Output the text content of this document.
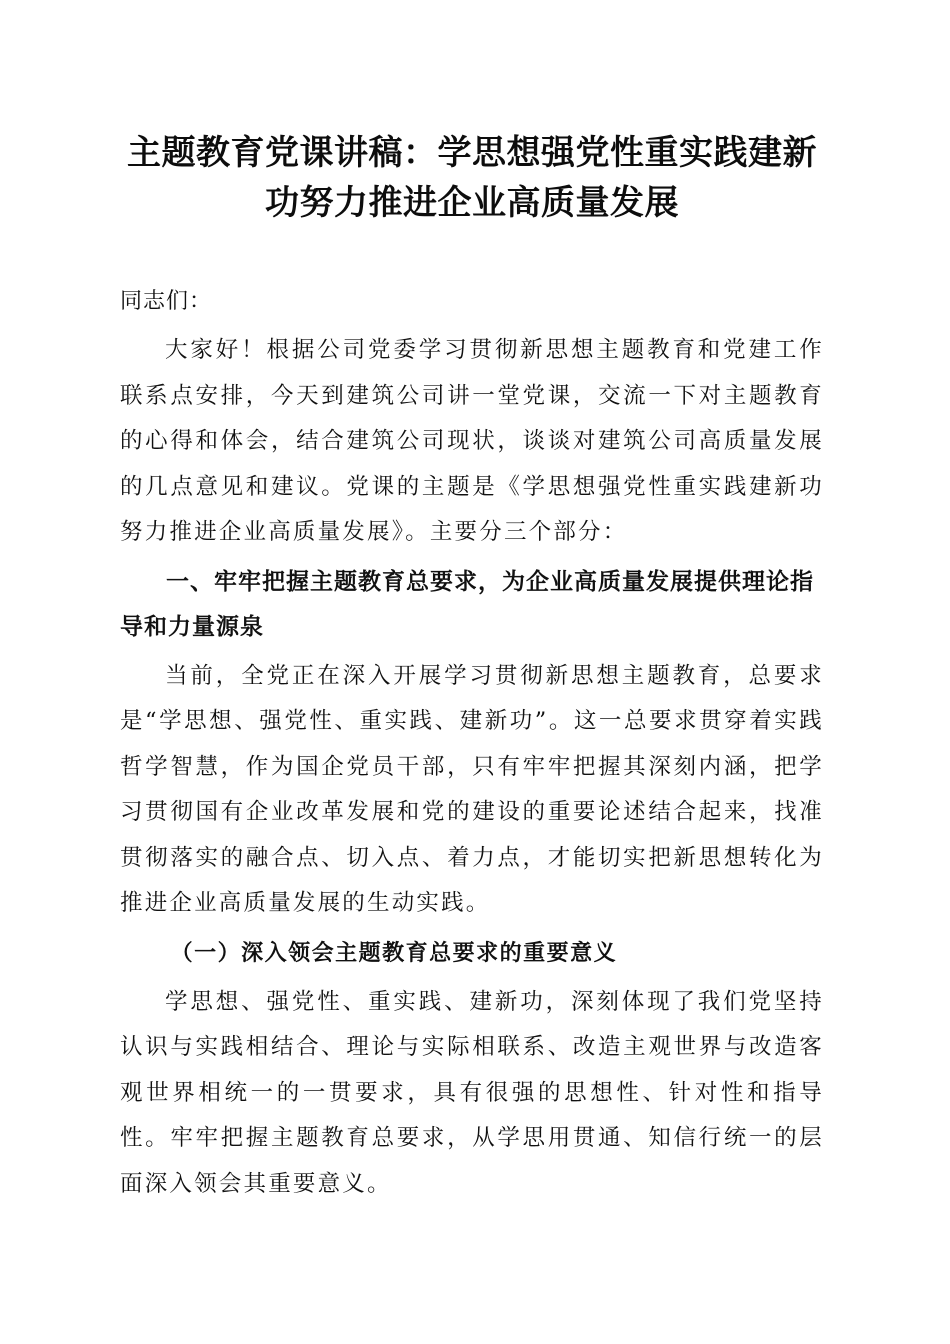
主题教育党课讲稿：学思想强党性重实践建新功努力推进企业高质量发展

同志们：

大家好！根据公司党委学习贯彻新思想主题教育和党建工作联系点安排，今天到建筑公司讲一堂党课，交流一下对主题教育的心得和体会，结合建筑公司现状，谈谈对建筑公司高质量发展的几点意见和建议。党课的主题是《学思想强党性重实践建新功努力推进企业高质量发展》。主要分三个部分：

一、牢牢把握主题教育总要求，为企业高质量发展提供理论指导和力量源泉

当前，全党正在深入开展学习贯彻新思想主题教育，总要求是“学思想、强党性、重实践、建新功”。这一总要求贯穿着实践哲学智慧，作为国企党员干部，只有牢牢把握其深刻内涵，把学习贯彻国有企业改革发展和党的建设的重要论述结合起来，找准贯彻落实的融合点、切入点、着力点，才能切实把新思想转化为推进企业高质量发展的生动实践。

（一）深入领会主题教育总要求的重要意义

学思想、强党性、重实践、建新功，深刻体现了我们党坚持认识与实践相结合、理论与实际相联系、改造主观世界与改造客观世界相统一的一贯要求，具有很强的思想性、针对性和指导性。牢牢把握主题教育总要求，从学思用贯通、知信行统一的层面深入领会其重要意义。
